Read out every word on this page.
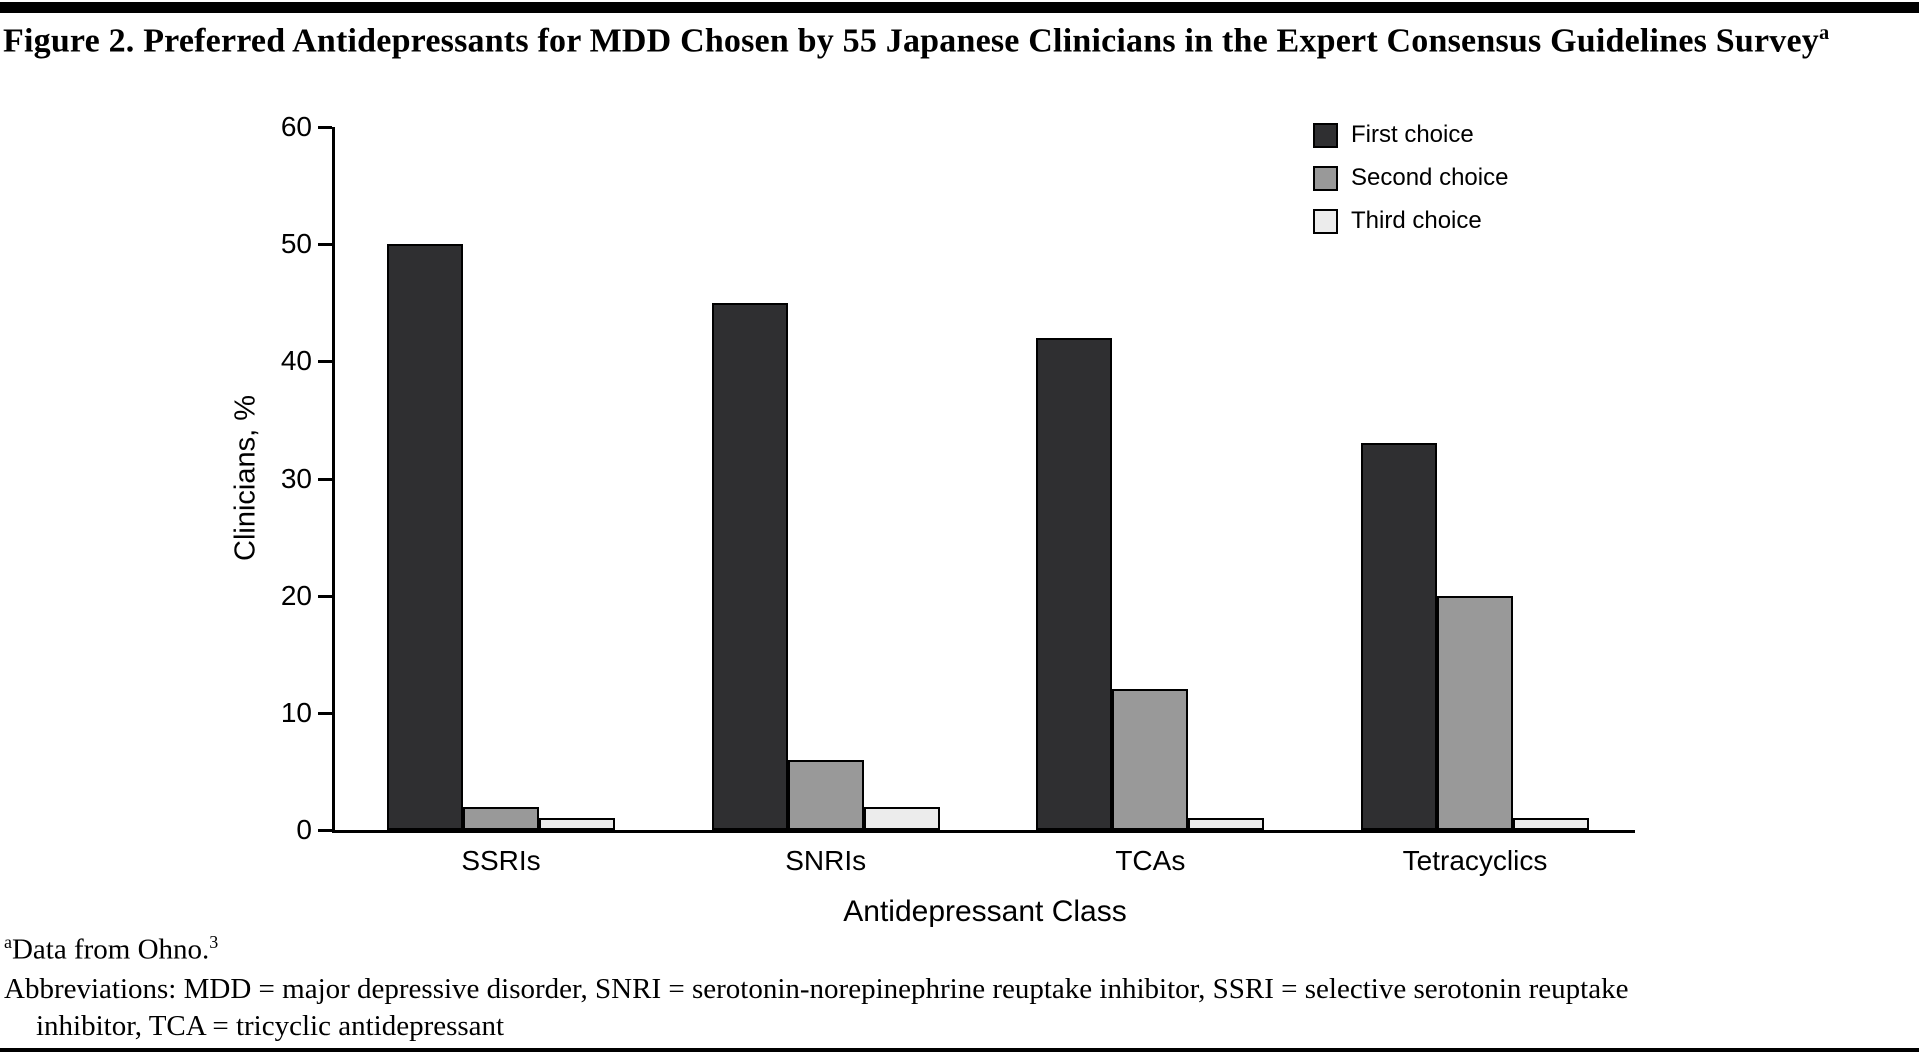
Figure 2. Preferred Antidepressants for MDD Chosen by 55 Japanese Clinicians in the Expert Consensus Guidelines Survey$^a$
Clinicians, %
0
10
20
30
40
50
60
SSRIs	SNRIs	TCAs	Tetracyclics
Antidepressant Class
First choice
Second choice
Third choice
$^a$Data from Ohno.$^3$
Abbreviations: MDD = major depressive disorder, SNRI = serotonin-norepinephrine reuptake inhibitor, SSRI = selective serotonin reuptake
inhibitor, TCA = tricyclic antidepressant
